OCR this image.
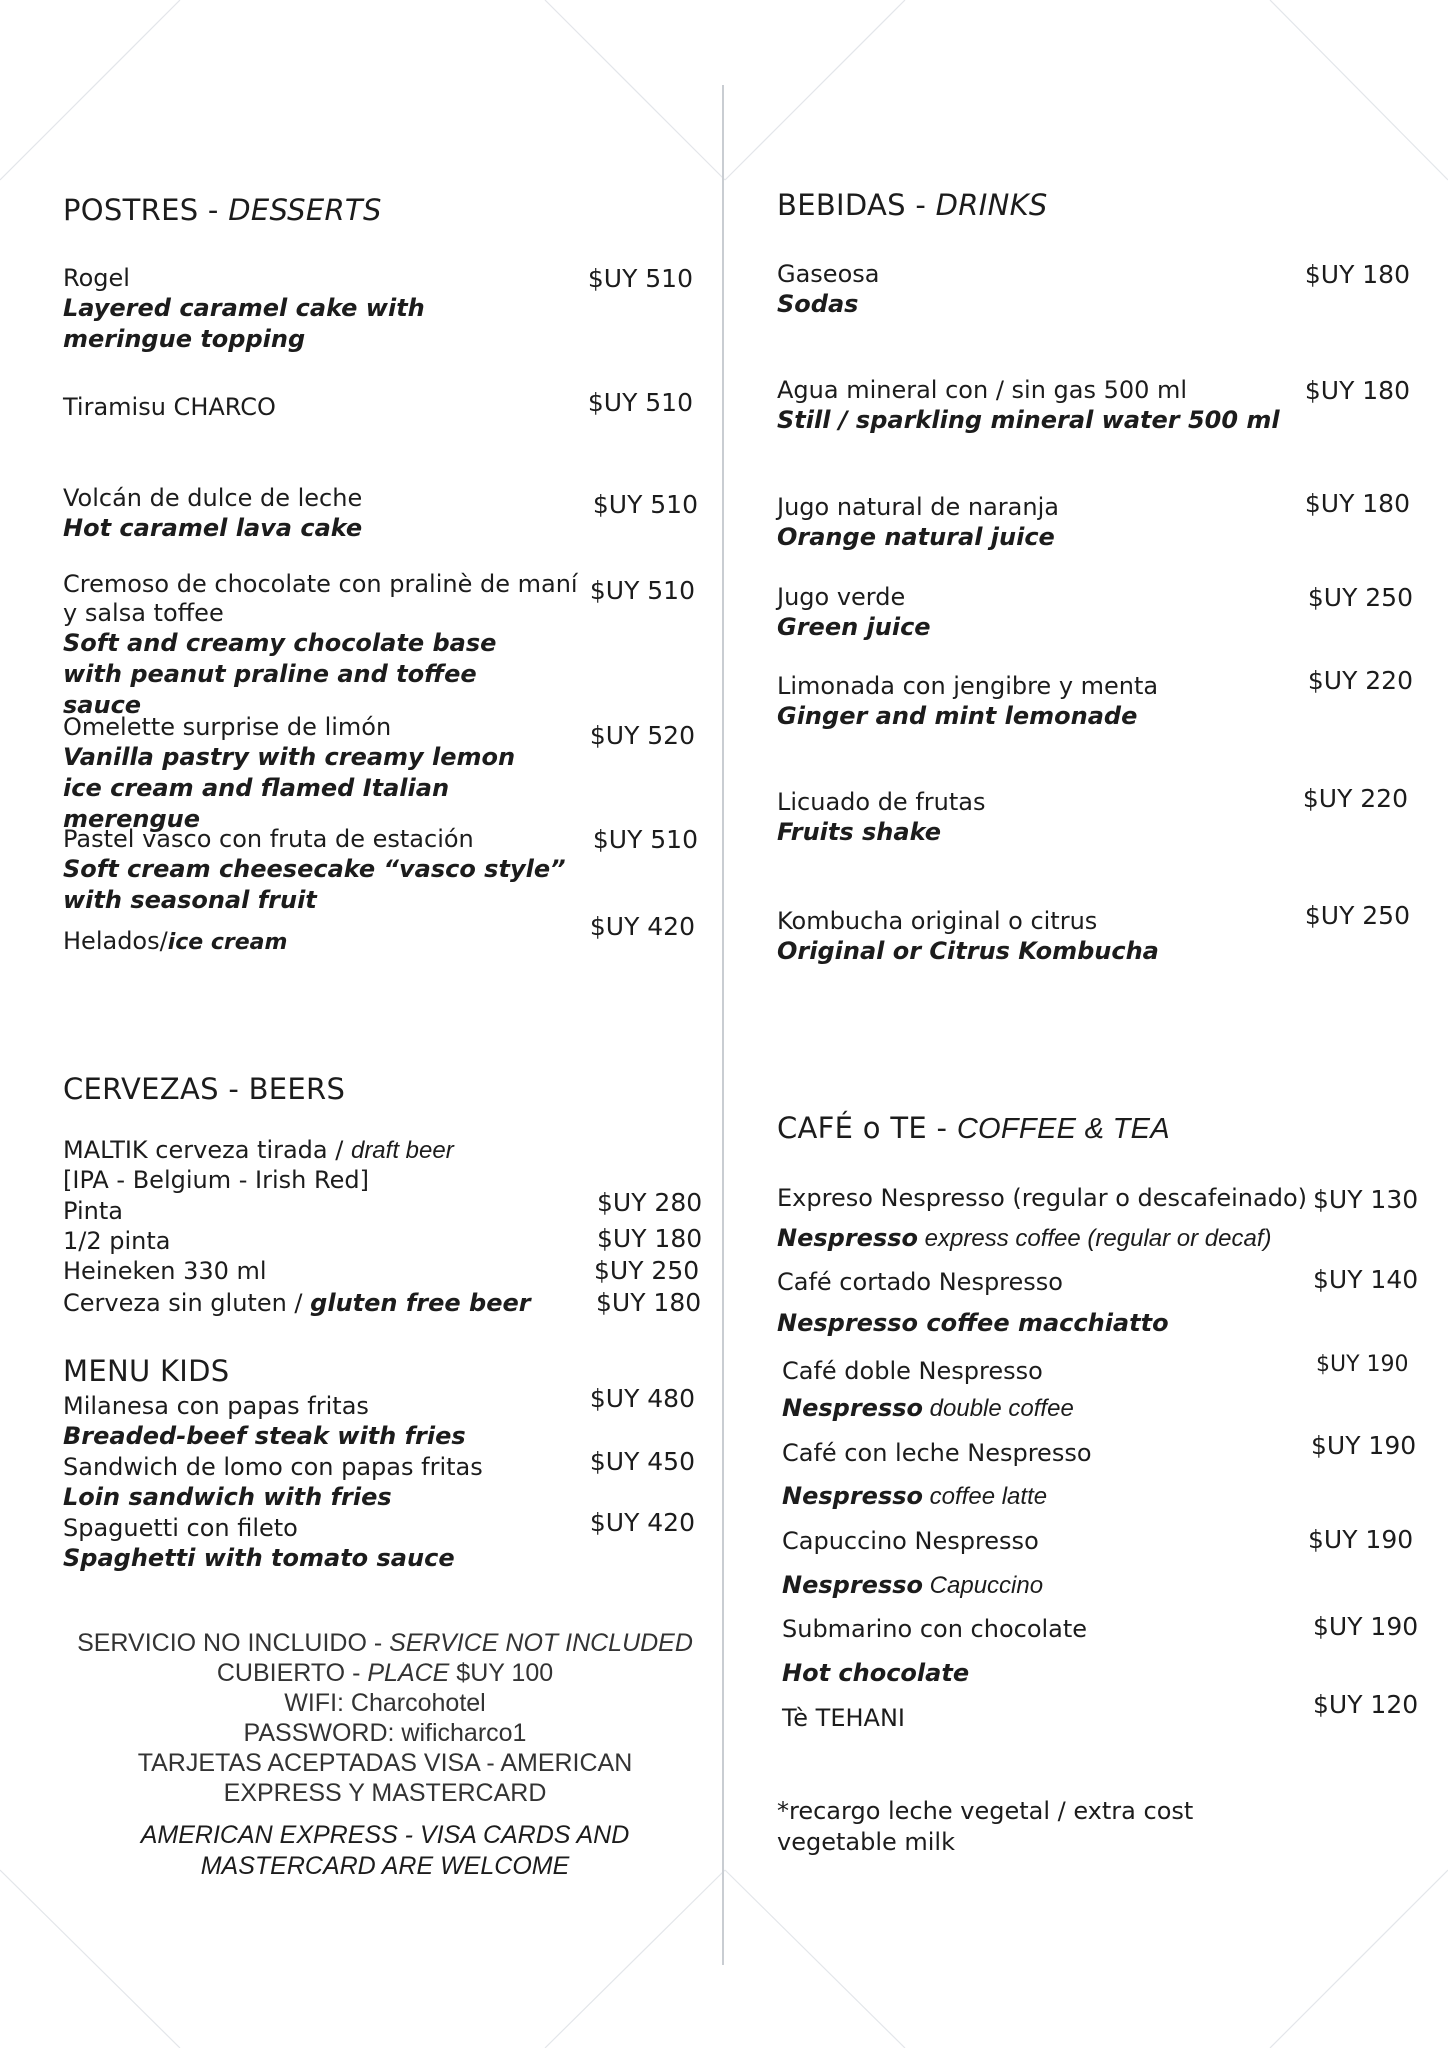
POSTRES - DESSERTS
Rogel
Layered caramel cake with meringue topping
$UY 510
Tiramisu CHARCO	$UY 510
Volcán de dulce de leche
Hot caramel lava cake
$UY 510
Cremoso de chocolate con pralinè de maní y salsa toffee
Soft and creamy chocolate base with peanut praline and toffee sauce
$UY 510
Omelette surprise de limón
Vanilla pastry with creamy lemon ice cream and flamed Italian merengue
$UY 520
Pastel vasco con fruta de estación
Soft cream cheesecake “vasco style” with seasonal fruit
$UY 510
Helados/ice cream
$UY 420
BEBIDAS - DRINKS
Gaseosa
Sodas
$UY 180
Agua mineral con / sin gas 500 ml
Still / sparkling mineral water 500 ml
$UY 180
Jugo natural de naranja
Orange natural juice
$UY 180
Jugo verde
Green juice
$UY 250
Limonada con jengibre y menta
Ginger and mint lemonade
$UY 220
Licuado de frutas
Fruits shake
$UY 220
Kombucha original o citrus
Original or Citrus Kombucha
$UY 250
CERVEZAS - BEERS
MALTIK cerveza tirada / draft beer
[IPA - Belgium - Irish Red]
Pinta	$UY 280
1/2 pinta	$UY 180
Heineken 330 ml	$UY 250
Cerveza sin gluten / gluten free beer	$UY 180
MENU KIDS
Milanesa con papas fritas
Breaded-beef steak with fries
$UY 480
Sandwich de lomo con papas fritas
Loin sandwich with fries
$UY 450
Spaguetti con fileto
Spaghetti with tomato sauce
$UY 420
SERVICIO NO INCLUIDO - SERVICE NOT INCLUDED
CUBIERTO - PLACE $UY 100
WIFI: Charcohotel
PASSWORD: wificharco1
TARJETAS ACEPTADAS VISA - AMERICAN EXPRESS Y MASTERCARD
AMERICAN EXPRESS - VISA CARDS AND
MASTERCARD ARE WELCOME
CAFÉ o TE - COFFEE & TEA
Expreso Nespresso (regular o descafeinado) $UY 130
Nespresso express coffee (regular or decaf)
Café cortado Nespresso	$UY 140
Nespresso coffee macchiatto
Café doble Nespresso	$UY 190
Nespresso double coffee
Café con leche Nespresso	$UY 190
Nespresso coffee latte
Capuccino Nespresso	$UY 190
Nespresso Capuccino
Submarino con chocolate	$UY 190
Hot chocolate
Tè TEHANI	$UY 120
*recargo leche vegetal / extra cost vegetable milk
